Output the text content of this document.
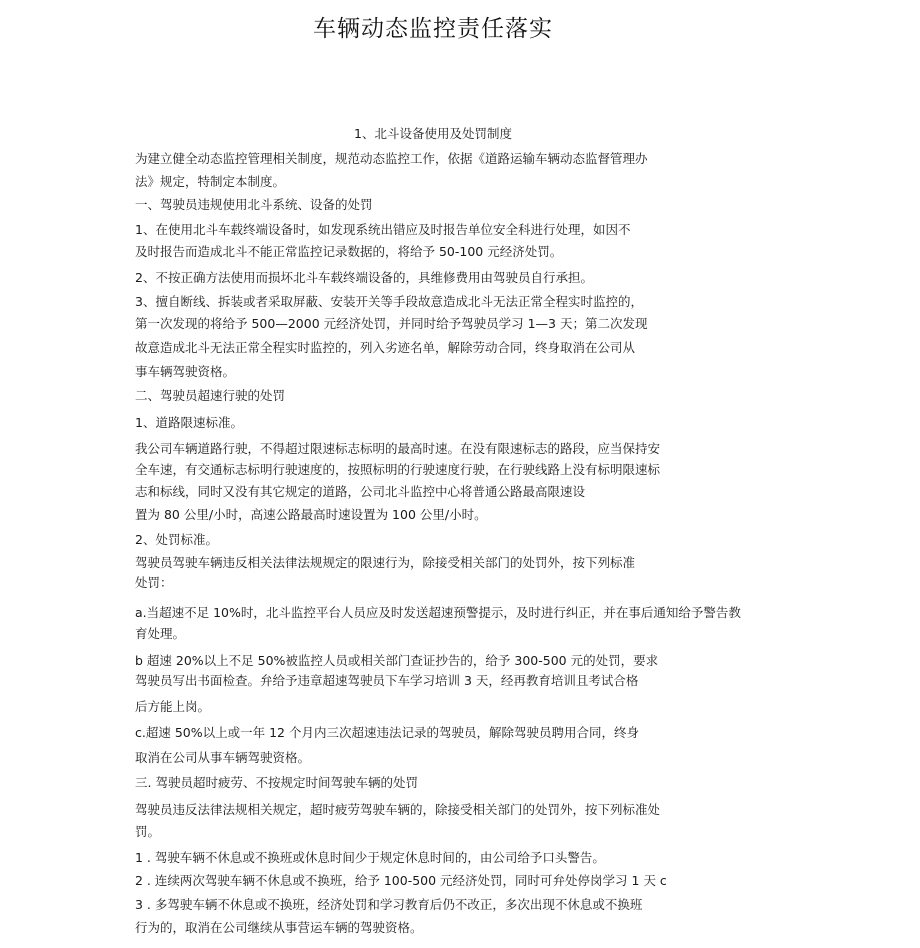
车辆动态监控责任落实
1、北斗设备使用及处罚制度
为建立健全动态监控管理相关制度，规范动态监控工作，依据《道路运输车辆动态监督管理办
法》规定，特制定本制度。
一、驾驶员违规使用北斗系统、设备的处罚
1、在使用北斗车载终端设备时，如发现系统出错应及时报告单位安全科进行处理，如因不
及时报告而造成北斗不能正常监控记录数据的，将给予 50-100 元经济处罚。
2、不按正确方法使用而损坏北斗车载终端设备的，具维修费用由驾驶员自行承担。
3、擅自断线、拆装或者采取屏蔽、安装开关等手段故意造成北斗无法正常全程实时监控的，
第一次发现的将给予 500—2000 元经济处罚，并同时给予驾驶员学习 1—3 天；第二次发现
故意造成北斗无法正常全程实时监控的，列入劣迹名单，解除劳动合同，终身取消在公司从
事车辆驾驶资格。
二、驾驶员超速行驶的处罚
1、道路限速标准。
我公司车辆道路行驶，不得超过限速标志标明的最高时速。在没有限速标志的路段，应当保持安
全车速，有交通标志标明行驶速度的，按照标明的行驶速度行驶，在行驶线路上没有标明限速标
志和标线，同时又没有其它规定的道路，公司北斗监控中心将普通公路最高限速设
置为 80 公里/小时，高速公路最高时速设置为 100 公里/小时。
2、处罚标准。
驾驶员驾驶车辆违反相关法律法规规定的限速行为，除接受相关部门的处罚外，按下列标准
处罚：
a.当超速不足 10%时，北斗监控平台人员应及时发送超速预警提示，及时进行纠正，并在事后通知给予警告教
育处理。
b 超速 20%以上不足 50%被监控人员或相关部门查证抄告的，给予 300-500 元的处罚，要求
驾驶员写出书面检查。弁给予违章超速驾驶员下车学习培训 3 天，经再教育培训且考试合格
后方能上岗。
c.超速 50%以上或一年 12 个月内三次超速违法记录的驾驶员，解除驾驶员聘用合同，终身
取消在公司从事车辆驾驶资格。
三. 驾驶员超时疲劳、不按规定时间驾驶车辆的处罚
驾驶员违反法律法规相关规定，超时疲劳驾驶车辆的，除接受相关部门的处罚外，按下列标准处
罚。
1 . 驾驶车辆不休息或不换班或休息时间少于规定休息时间的，由公司给予口头警告。
2 . 连续两次驾驶车辆不休息或不换班，给予 100-500 元经济处罚，同时可弁处停岗学习 1 天 c
3 . 多驾驶车辆不休息或不换班，经济处罚和学习教育后仍不改正，多次出现不休息或不换班
行为的，取消在公司继续从事营运车辆的驾驶资格。
